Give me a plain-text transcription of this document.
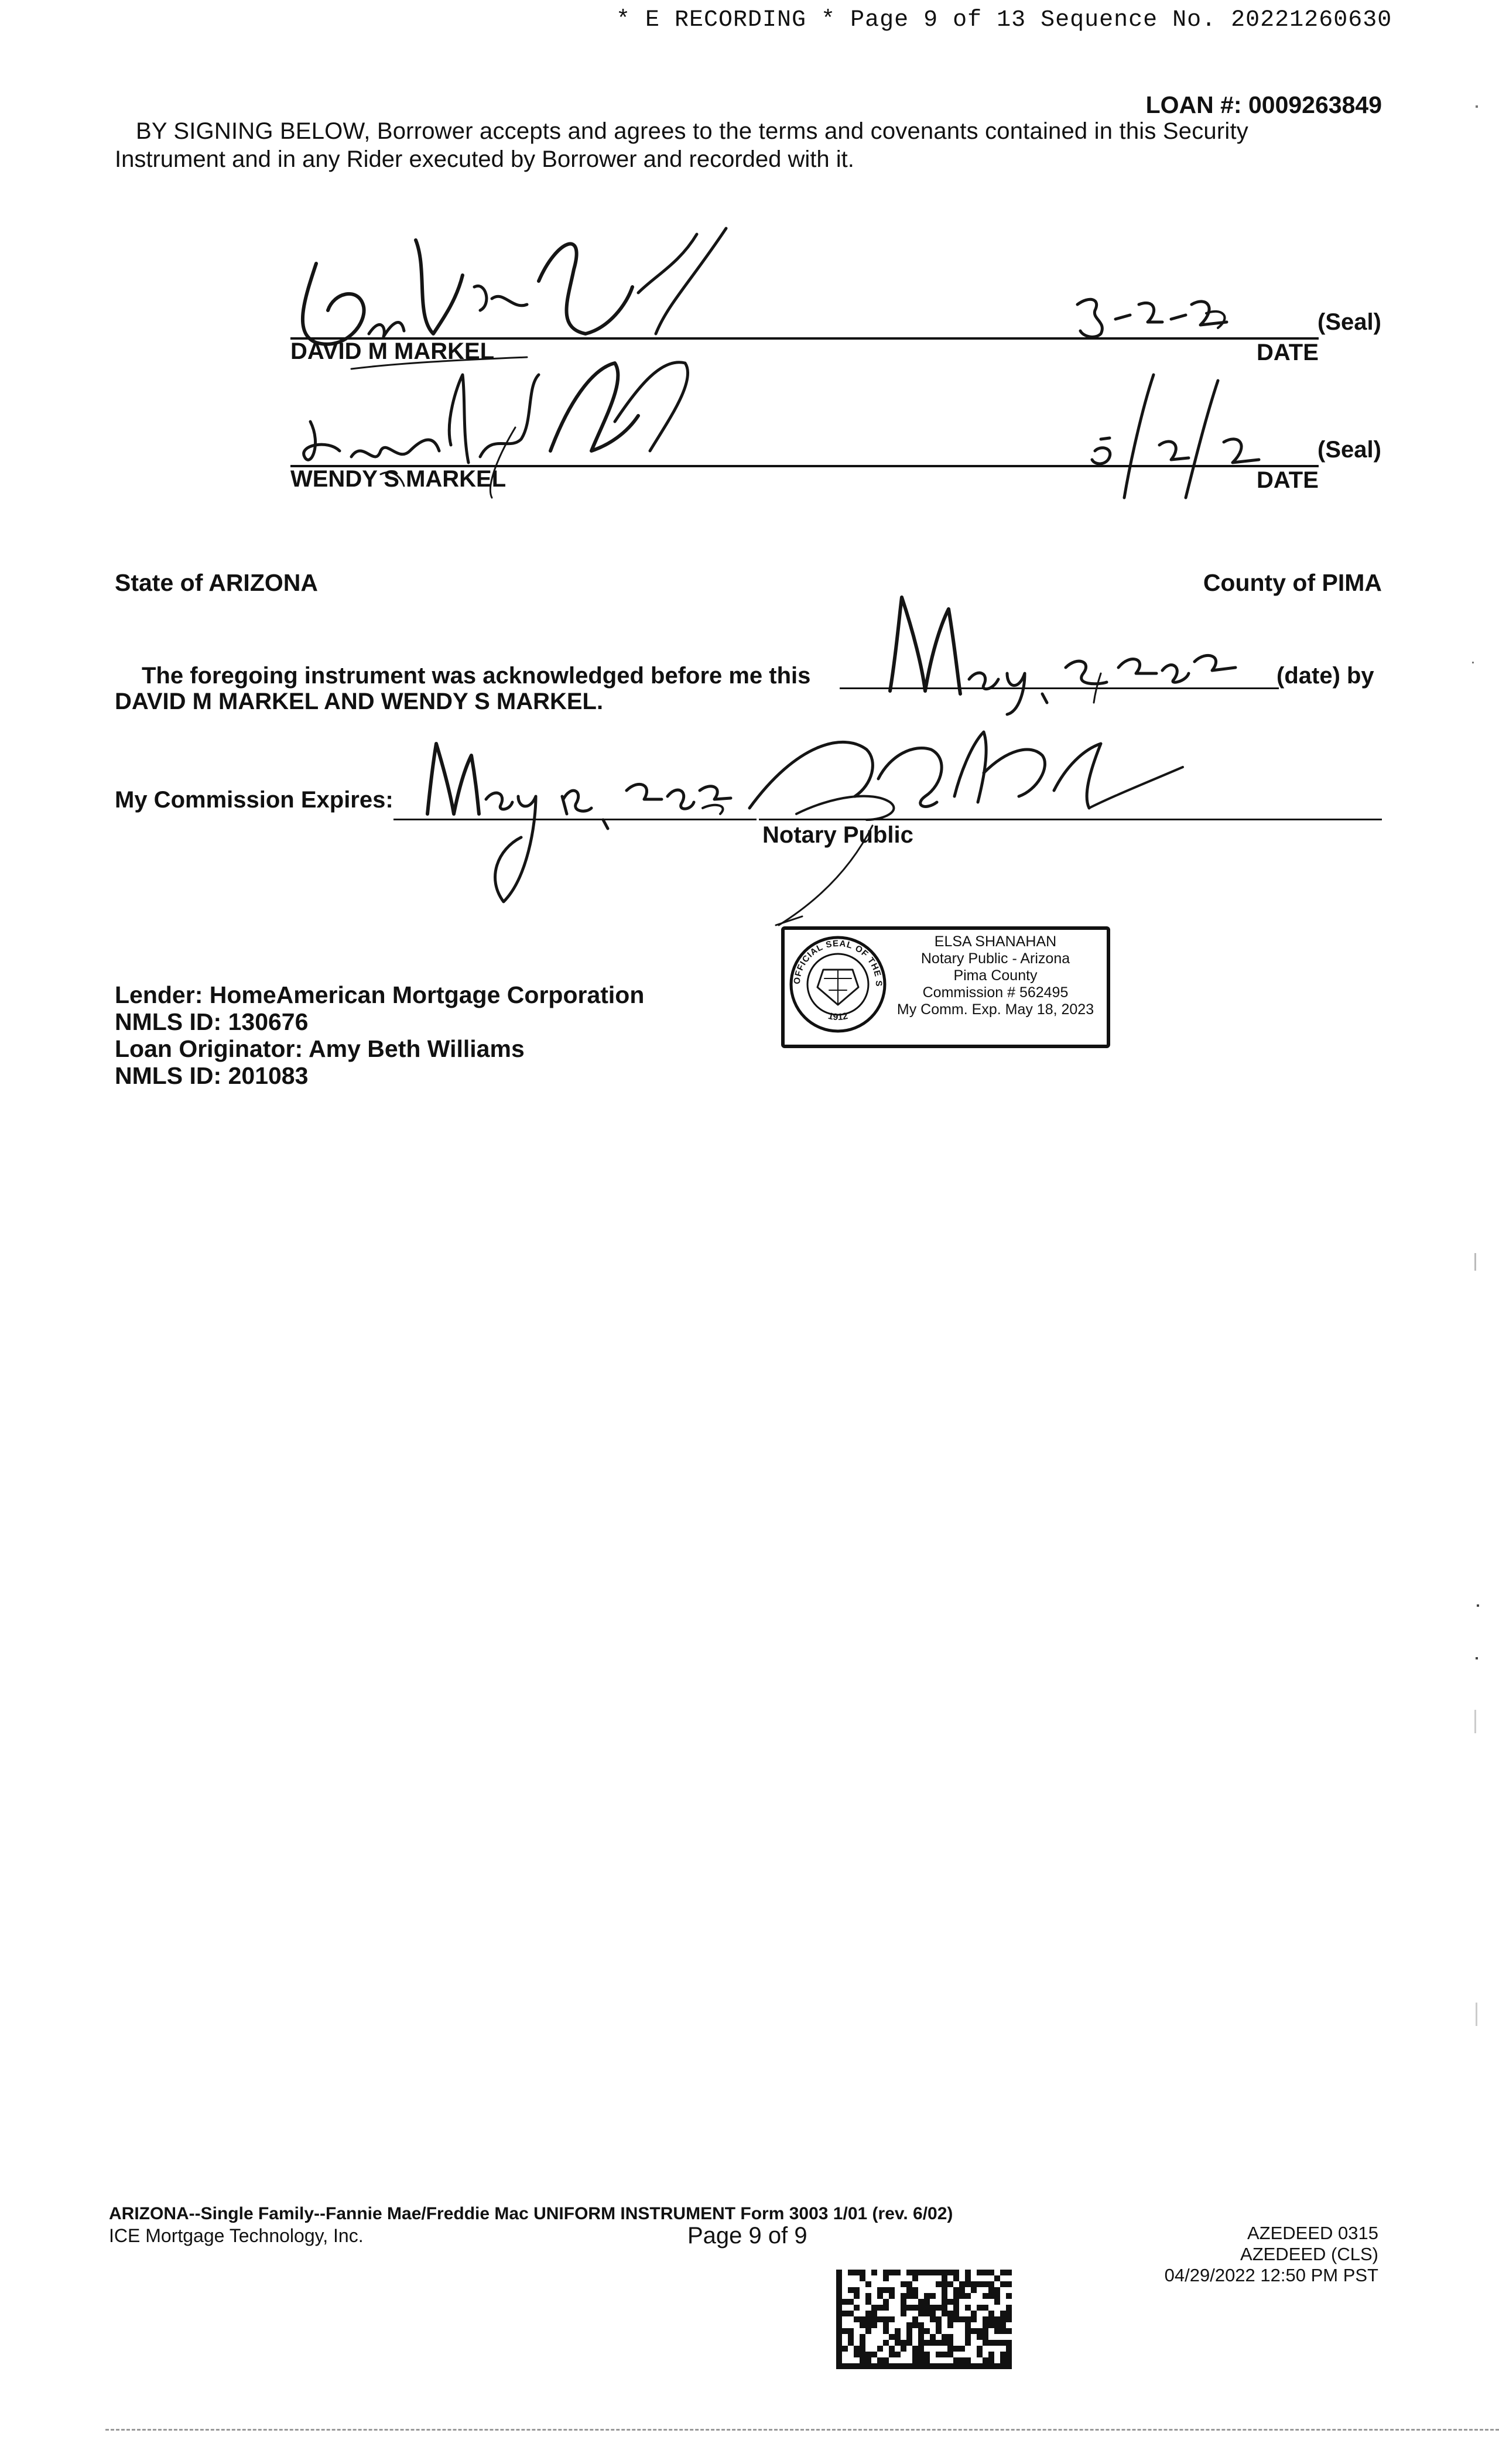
* E RECORDING * Page 9 of 13 Sequence No. 20221260630
LOAN #: 0009263849
BY SIGNING BELOW, Borrower accepts and agrees to the terms and covenants contained in this Security
Instrument and in any Rider executed by Borrower and recorded with it.
(Seal)
DAVID M MARKEL	DATE
(Seal)
WENDY S MARKEL	DATE
State of ARIZONA	County of PIMA
The foregoing instrument was acknowledged before me this	(date) by
DAVID M MARKEL AND WENDY S MARKEL.
My Commission Expires:
Notary Public
OFFICIAL SEAL OF THE STATE OF ARIZONA
1912
ELSA SHANAHAN
Notary Public - Arizona
Pima County
Commission # 562495
My Comm. Exp. May 18, 2023
Lender: HomeAmerican Mortgage Corporation
NMLS ID: 130676
Loan Originator: Amy Beth Williams
NMLS ID: 201083
ARIZONA--Single Family--Fannie Mae/Freddie Mac UNIFORM INSTRUMENT Form 3003 1/01 (rev. 6/02)
ICE Mortgage Technology, Inc.	Page 9 of 9	AZEDEED 0315
AZEDEED (CLS)
04/29/2022 12:50 PM PST
